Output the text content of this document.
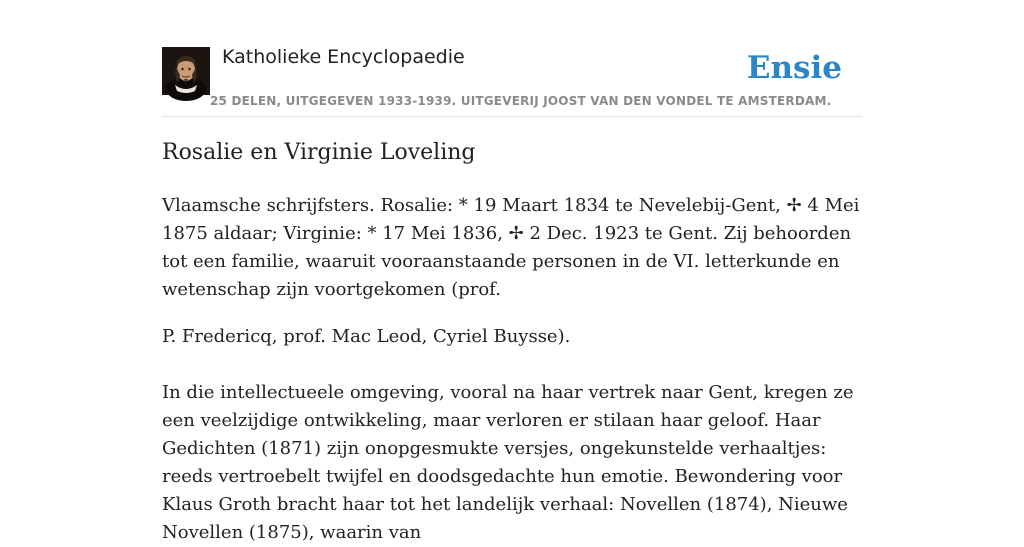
Katholieke Encyclopaedie	Ensie
25 DELEN, UITGEGEVEN 1933-1939. UITGEVERIJ JOOST VAN DEN VONDEL TE AMSTERDAM.
Rosalie en Virginie Loveling

Vlaamsche schrijfsters. Rosalie: * 19 Maart 1834 te Nevelebij-Gent, ✢ 4 Mei 1875 aldaar; Virginie: * 17 Mei 1836, ✢ 2 Dec. 1923 te Gent. Zij behoorden tot een familie, waaruit vooraanstaande personen in de VI. letterkunde en wetenschap zijn voortgekomen (prof.

P. Fredericq, prof. Mac Leod, Cyriel Buysse).

In die intellectueele omgeving, vooral na haar vertrek naar Gent, kregen ze een veelzijdige ontwikkeling, maar verloren er stilaan haar geloof. Haar Gedichten (1871) zijn onopgesmukte versjes, ongekunstelde verhaaltjes: reeds vertroebelt twijfel en doodsgedachte hun emotie. Bewondering voor Klaus Groth bracht haar tot het landelijk verhaal: Novellen (1874), Nieuwe Novellen (1875), waarin van
